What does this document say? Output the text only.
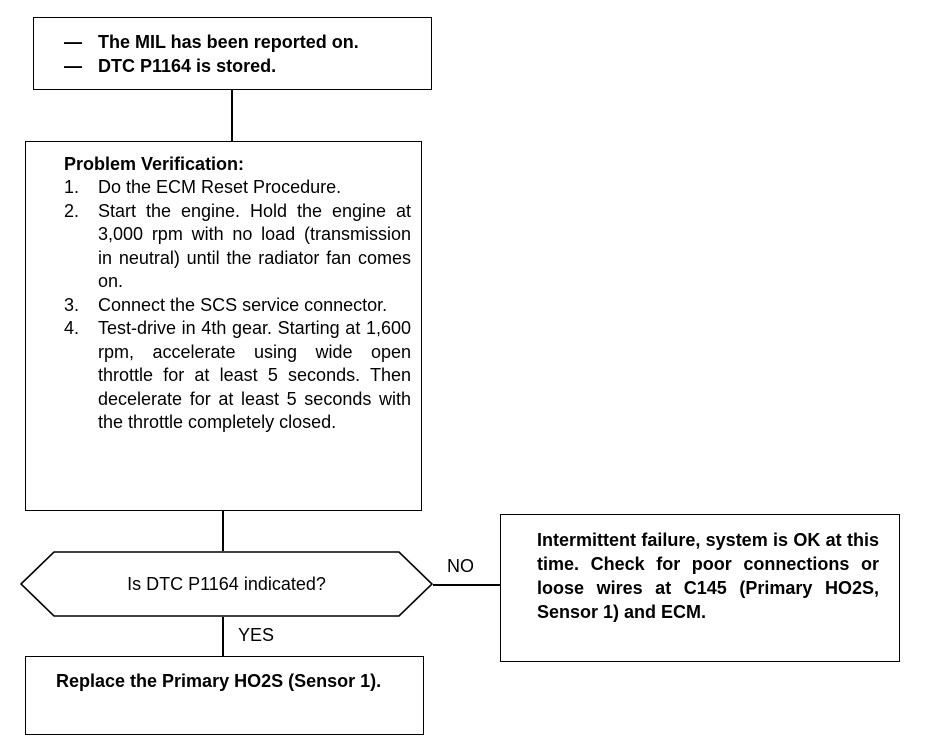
— The MIL has been reported on.
— DTC P1164 is stored.
Problem Verification:
1.	Do the ECM Reset Procedure.
2.	Start the engine. Hold the engine at 3,000 rpm with no load (transmission in neutral) until the radiator fan comes on.
3.	Connect the SCS service connector.
4.	Test-drive in 4th gear. Starting at 1,600 rpm, accelerate using wide open throttle for at least 5 seconds. Then decelerate for at least 5 seconds with the throttle completely closed.
Is DTC P1164 indicated?
NO
YES
Intermittent failure, system is OK at this time. Check for poor connections or loose wires at C145 (Primary HO2S, Sensor 1) and ECM.
Replace the Primary HO2S (Sensor 1).
